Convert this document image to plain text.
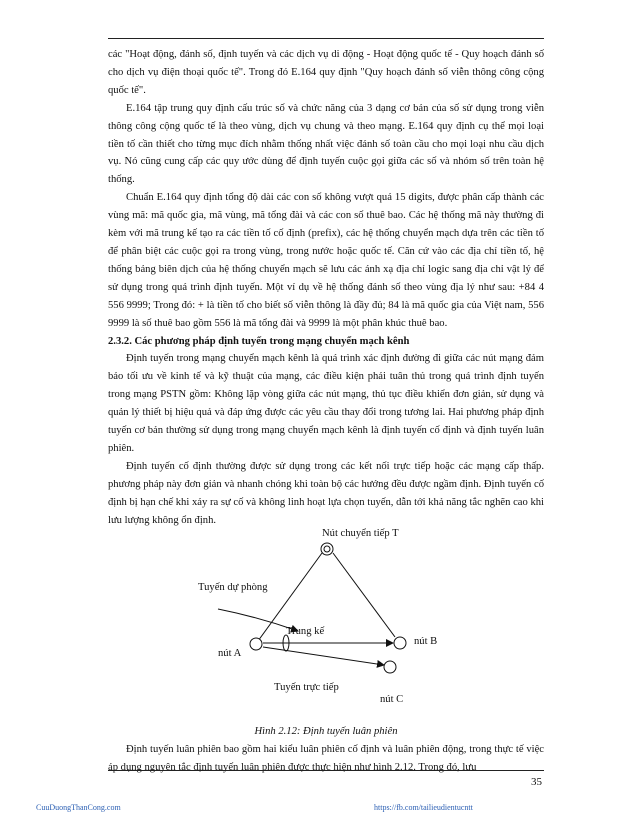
các "Hoạt động, đánh số, định tuyến và các dịch vụ di động - Hoạt động quốc tế - Quy hoạch đánh số cho dịch vụ điện thoại quốc tế". Trong đó E.164 quy định "Quy hoạch đánh số viễn thông công cộng quốc tế".

E.164 tập trung quy định cấu trúc số và chức năng của 3 dạng cơ bản của số sử dụng trong viễn thông công cộng quốc tế là theo vùng, dịch vụ chung và theo mạng. E.164 quy định cụ thể mọi loại tiền tố cần thiết cho từng mục đích nhằm thống nhất việc đánh số toàn cầu cho mọi loại nhu cầu dịch vụ. Nó cũng cung cấp các quy ước dùng để định tuyến cuộc gọi giữa các số và nhóm số trên toàn hệ thống.

Chuẩn E.164 quy định tổng độ dài các con số không vượt quá 15 digits, được phân cấp thành các vùng mã: mã quốc gia, mã vùng, mã tổng đài và các con số thuê bao. Các hệ thống mã này thường đi kèm với mã trung kế tạo ra các tiền tố cố định (prefix), các hệ thống chuyển mạch dựa trên các tiền tố để phân biệt các cuộc gọi ra trong vùng, trong nước hoặc quốc tế. Căn cứ vào các địa chỉ tiền tố, hệ thống bảng biên dịch của hệ thống chuyển mạch sẽ lưu các ánh xạ địa chỉ logic sang địa chỉ vật lý để sử dụng trong quá trình định tuyến. Một ví dụ về hệ thống đánh số theo vùng địa lý như sau: +84 4 556 9999; Trong đó: + là tiền tố cho biết số viễn thông là đầy đủ; 84 là mã quốc gia của Việt nam, 556 9999 là số thuê bao gồm 556 là mã tổng đài và 9999 là một phân khúc thuê bao.

2.3.2. Các phương pháp định tuyến trong mạng chuyển mạch kênh

Định tuyến trong mạng chuyển mạch kênh là quá trình xác định đường đi giữa các nút mạng đảm bảo tối ưu về kinh tế và kỹ thuật của mạng, các điều kiện phải tuân thủ trong quá trình định tuyến trong mạng PSTN gồm: Không lặp vòng giữa các nút mạng, thủ tục điều khiển đơn giản, sử dụng và quản lý thiết bị hiệu quả và đáp ứng được các yêu cầu thay đổi trong tương lai. Hai phương pháp định tuyến cơ bản thường sử dụng trong mạng chuyển mạch kênh là định tuyến cố định và định tuyến luân phiên.

Định tuyến cố định thường được sử dụng trong các kết nối trực tiếp hoặc các mạng cấp thấp. phương pháp này đơn giản và nhanh chóng khi toàn bộ các hướng đều được ngầm định. Định tuyến cố định bị hạn chế khi xảy ra sự cố và không linh hoạt lựa chọn tuyến, dẫn tới khả năng tắc nghẽn cao khi lưu lượng không ổn định.

Nút chuyển tiếp T
Tuyến dự phòng
Trung kế
nút B
nút A
Tuyến trực tiếp
nút C

Hình 2.12: Định tuyến luân phiên

Định tuyến luân phiên bao gồm hai kiểu luân phiên cố định và luân phiên động, trong thực tế việc áp dụng nguyên tắc định tuyến luân phiên được thực hiện như hình 2.12. Trong đó, lưu

35
CuuDuongThanCong.com	https://fb.com/tailieudientucntt
